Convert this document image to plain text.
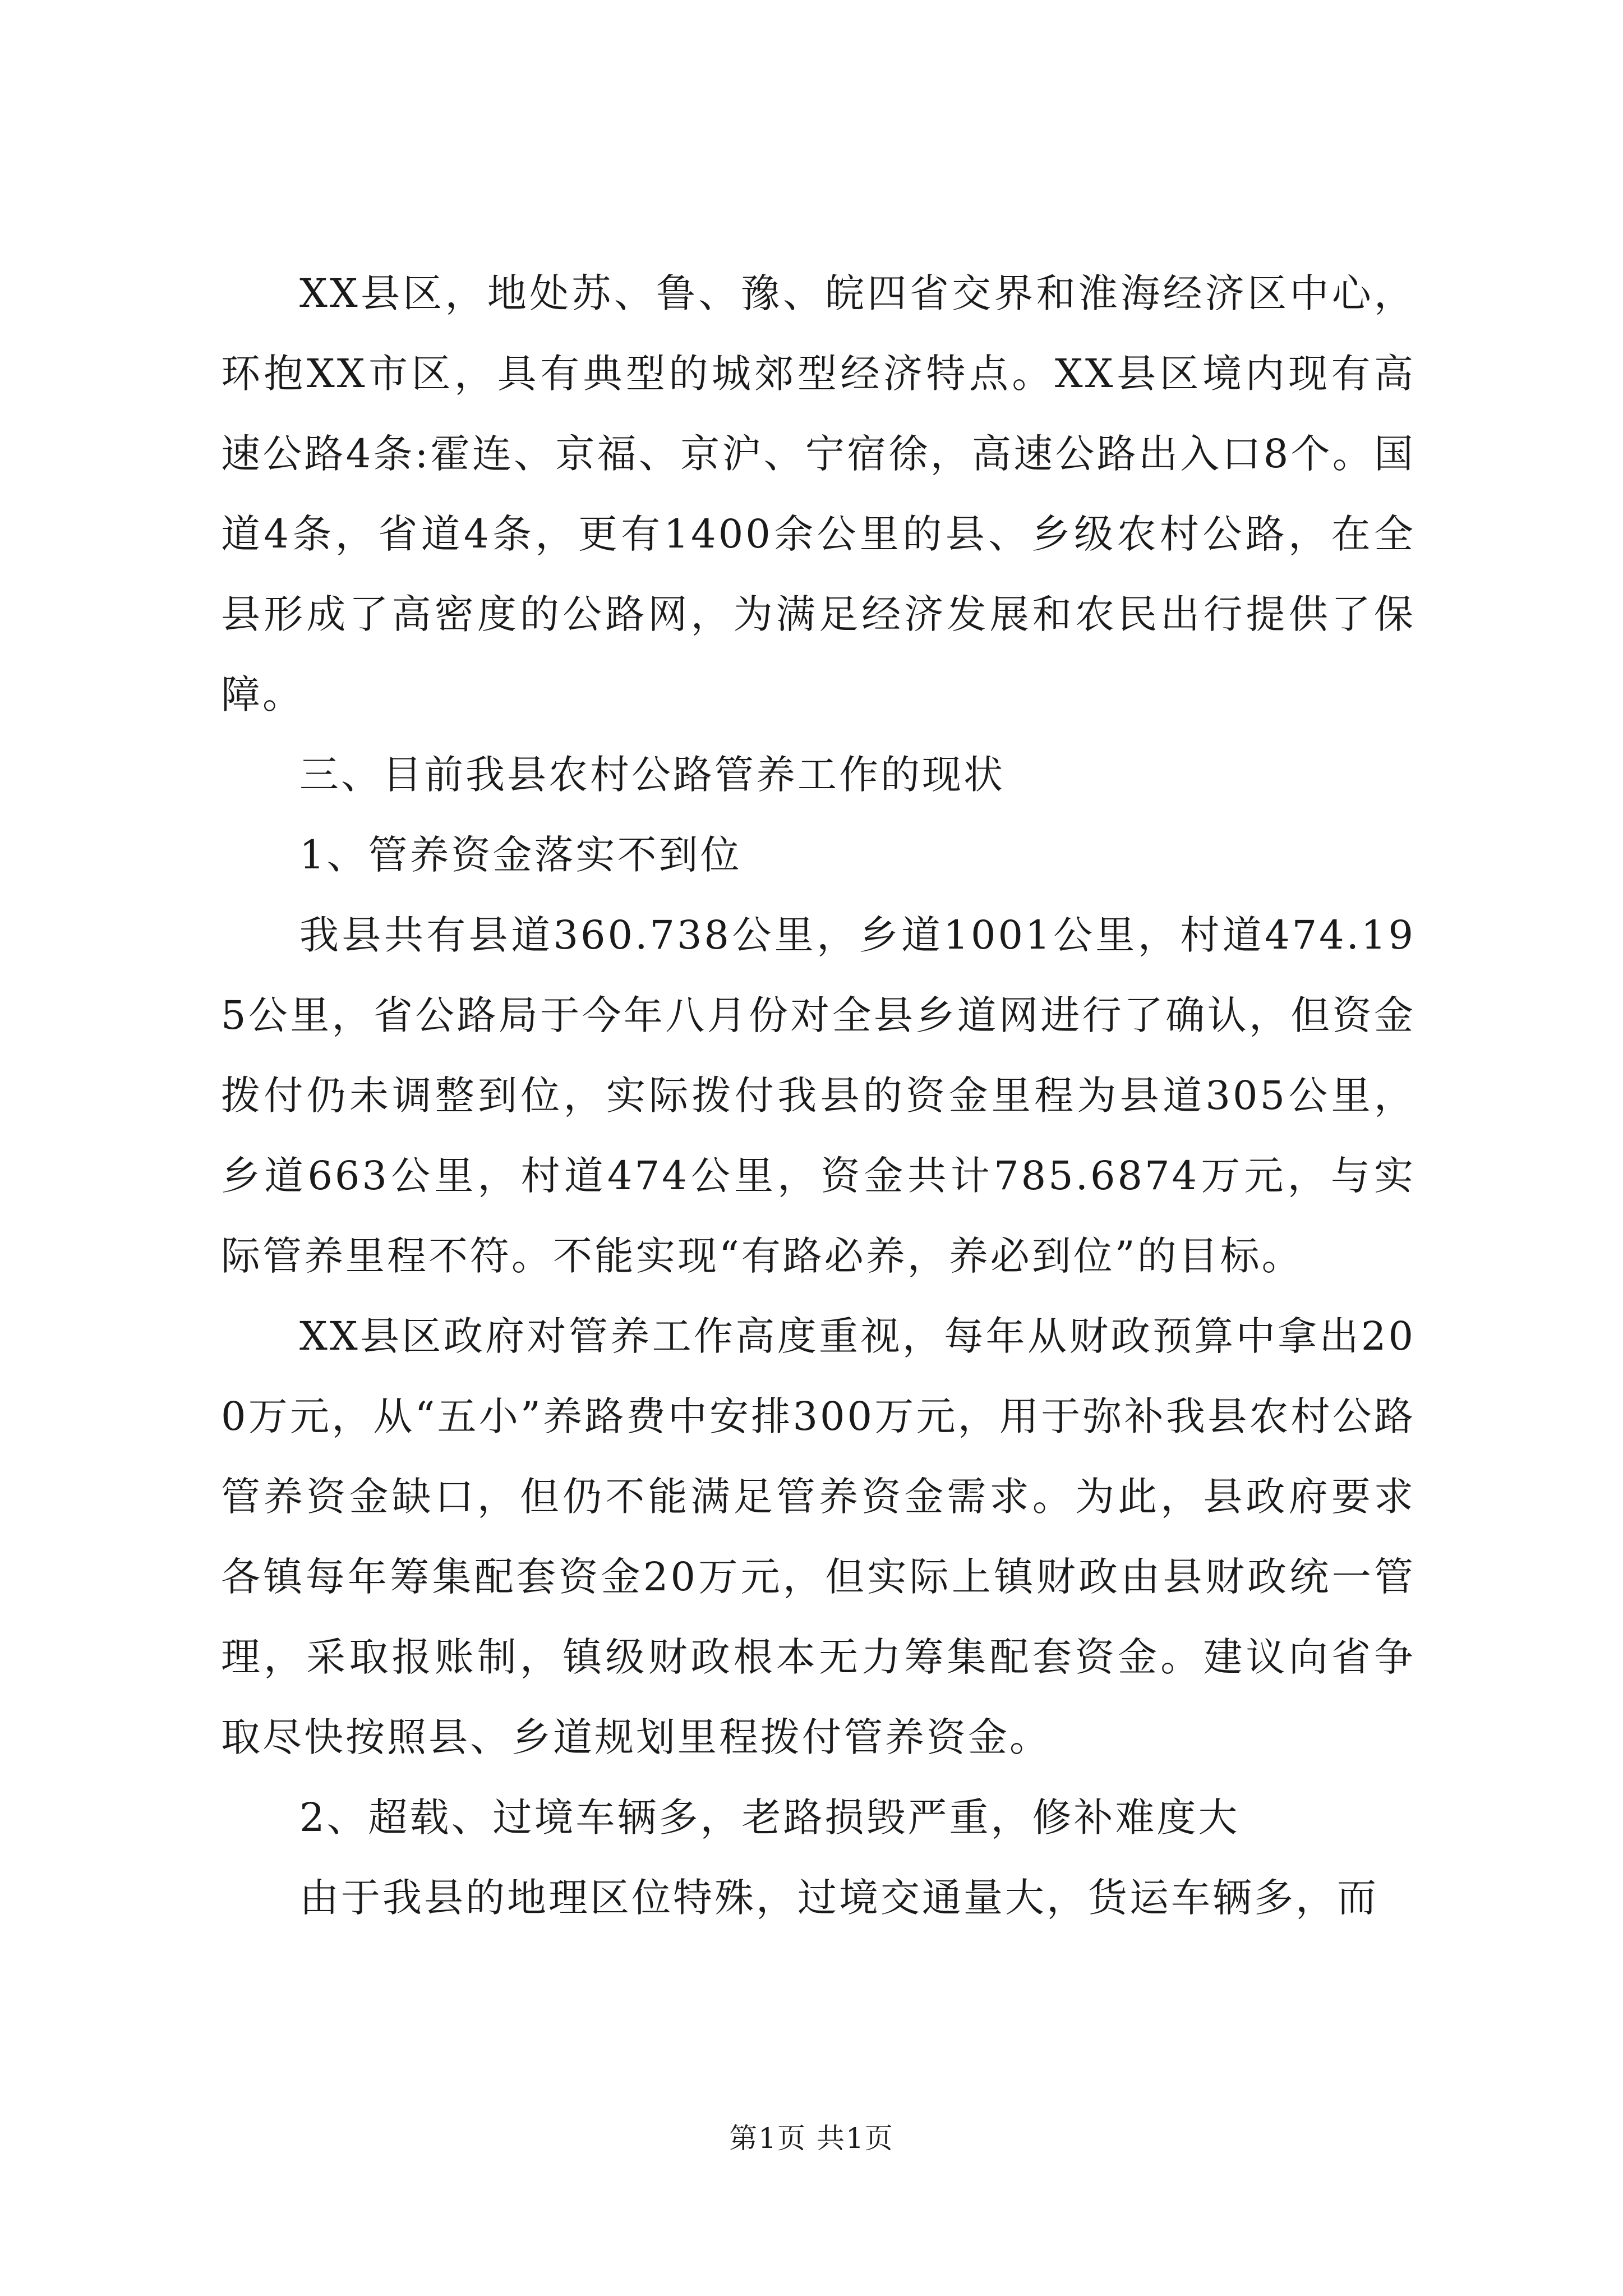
XX县区，地处苏、鲁、豫、皖四省交界和淮海经济区中心，环抱XX市区，具有典型的城郊型经济特点。XX县区境内现有高速公路4条:霍连、京福、京沪、宁宿徐，高速公路出入口8个。国道4条，省道4条，更有1400余公里的县、乡级农村公路，在全县形成了高密度的公路网，为满足经济发展和农民出行提供了保障。

三、目前我县农村公路管养工作的现状

1、管养资金落实不到位

我县共有县道360.738公里，乡道1001公里，村道474.195公里，省公路局于今年八月份对全县乡道网进行了确认，但资金拨付仍未调整到位，实际拨付我县的资金里程为县道305公里，乡道663公里，村道474公里，资金共计785.6874万元，与实际管养里程不符。不能实现“有路必养，养必到位”的目标。

XX县区政府对管养工作高度重视，每年从财政预算中拿出200万元，从“五小”养路费中安排300万元，用于弥补我县农村公路管养资金缺口，但仍不能满足管养资金需求。为此，县政府要求各镇每年筹集配套资金20万元，但实际上镇财政由县财政统一管理，采取报账制，镇级财政根本无力筹集配套资金。建议向省争取尽快按照县、乡道规划里程拨付管养资金。

2、超载、过境车辆多，老路损毁严重，修补难度大

由于我县的地理区位特殊，过境交通量大，货运车辆多，而

第1页 共1页
